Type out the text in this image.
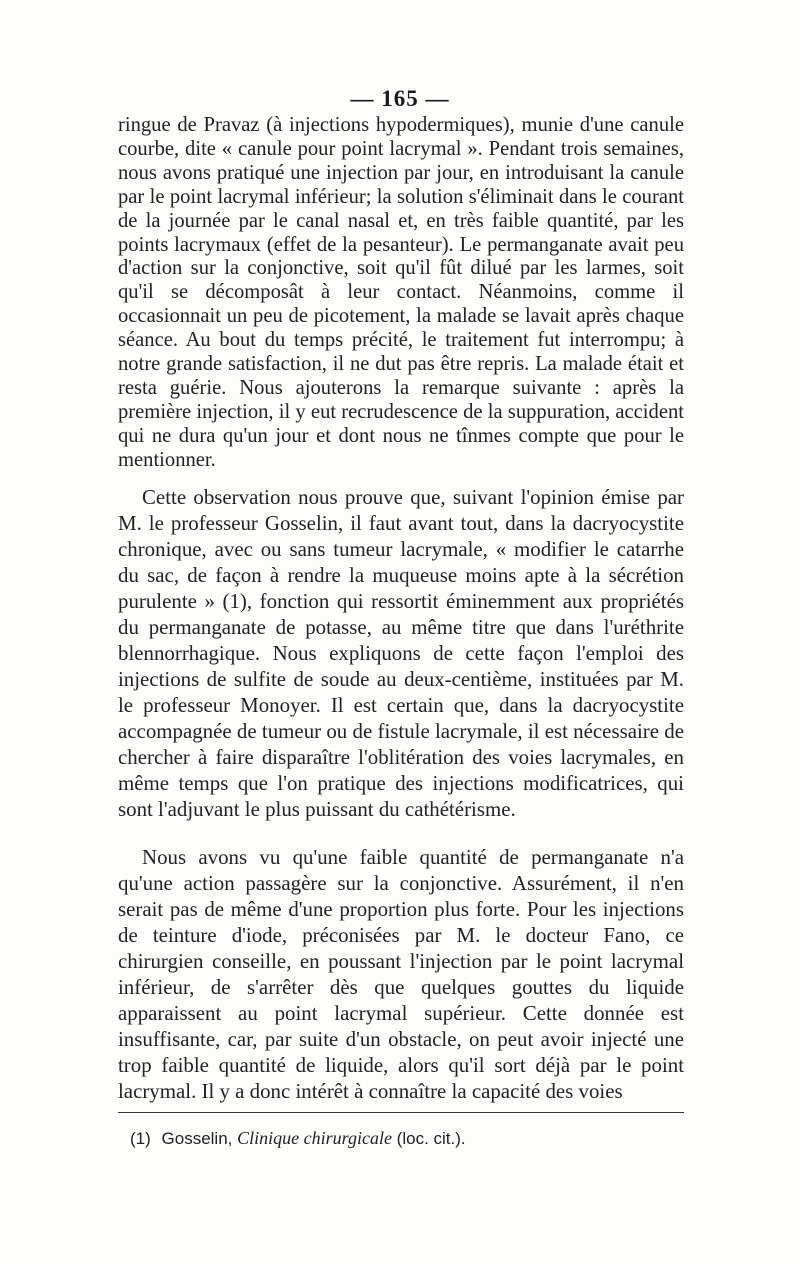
— 165 —

ringue de Pravaz (à injections hypodermiques), munie d'une canule courbe, dite « canule pour point lacrymal ». Pendant trois semaines, nous avons pratiqué une injection par jour, en introduisant la canule par le point lacrymal inférieur; la solution s'éliminait dans le courant de la journée par le canal nasal et, en très faible quantité, par les points lacrymaux (effet de la pesanteur). Le permanganate avait peu d'action sur la conjonctive, soit qu'il fût dilué par les larmes, soit qu'il se décomposât à leur contact. Néanmoins, comme il occasionnait un peu de picotement, la malade se lavait après chaque séance. Au bout du temps précité, le traitement fut interrompu; à notre grande satisfaction, il ne dut pas être repris. La malade était et resta guérie. Nous ajouterons la remarque suivante : après la première injection, il y eut recrudescence de la suppuration, accident qui ne dura qu'un jour et dont nous ne tînmes compte que pour le mentionner.

Cette observation nous prouve que, suivant l'opinion émise par M. le professeur Gosselin, il faut avant tout, dans la dacryocystite chronique, avec ou sans tumeur lacrymale, « modifier le catarrhe du sac, de façon à rendre la muqueuse moins apte à la sécrétion purulente » (1), fonction qui ressortit éminemment aux propriétés du permanganate de potasse, au même titre que dans l'uréthrite blennorrhagique. Nous expliquons de cette façon l'emploi des injections de sulfite de soude au deux-centième, instituées par M. le professeur Monoyer. Il est certain que, dans la dacryocystite accompagnée de tumeur ou de fistule lacrymale, il est nécessaire de chercher à faire disparaître l'oblitération des voies lacrymales, en même temps que l'on pratique des injections modificatrices, qui sont l'adjuvant le plus puissant du cathétérisme.

Nous avons vu qu'une faible quantité de permanganate n'a qu'une action passagère sur la conjonctive. Assurément, il n'en serait pas de même d'une proportion plus forte. Pour les injections de teinture d'iode, préconisées par M. le docteur Fano, ce chirurgien conseille, en poussant l'injection par le point lacrymal inférieur, de s'arrêter dès que quelques gouttes du liquide apparaissent au point lacrymal supérieur. Cette donnée est insuffisante, car, par suite d'un obstacle, on peut avoir injecté une trop faible quantité de liquide, alors qu'il sort déjà par le point lacrymal. Il y a donc intérêt à connaître la capacité des voies

(1) Gosselin, Clinique chirurgicale (loc. cit.).
